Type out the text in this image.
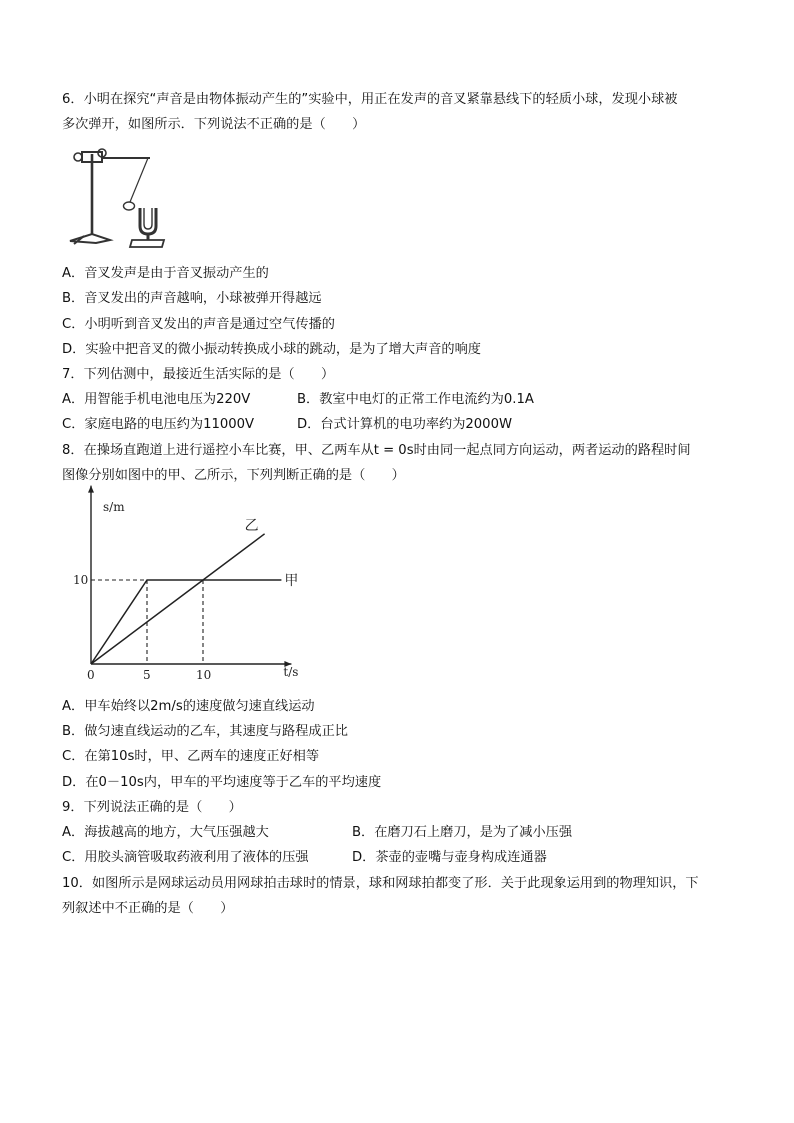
6．小明在探究“声音是由物体振动产生的”实验中，用正在发声的音叉紧靠悬线下的轻质小球，发现小球被
多次弹开，如图所示．下列说法不正确的是（　　）
A．音叉发声是由于音叉振动产生的
B．音叉发出的声音越响，小球被弹开得越远
C．小明听到音叉发出的声音是通过空气传播的
D．实验中把音叉的微小振动转换成小球的跳动，是为了增大声音的响度
7．下列估测中，最接近生活实际的是（　　）
A．用智能手机电池电压为220V	B．教室中电灯的正常工作电流约为0.1A
C．家庭电路的电压约为11000V	D．台式计算机的电功率约为2000W
8．在操场直跑道上进行遥控小车比赛，甲、乙两车从t = 0s时由同一起点同方向运动，两者运动的路程时间
图像分别如图中的甲、乙所示，下列判断正确的是（　　）
甲
乙
0	5	10
10
s/m
t/s
A．甲车始终以2m/s的速度做匀速直线运动
B．做匀速直线运动的乙车，其速度与路程成正比
C．在第10s时，甲、乙两车的速度正好相等
D．在0－10s内，甲车的平均速度等于乙车的平均速度
9．下列说法正确的是（　　）
A．海拔越高的地方，大气压强越大	B．在磨刀石上磨刀，是为了减小压强
C．用胶头滴管吸取药液利用了液体的压强	D．茶壶的壶嘴与壶身构成连通器
10．如图所示是网球运动员用网球拍击球时的情景，球和网球拍都变了形．关于此现象运用到的物理知识，下
列叙述中不正确的是（　　）
